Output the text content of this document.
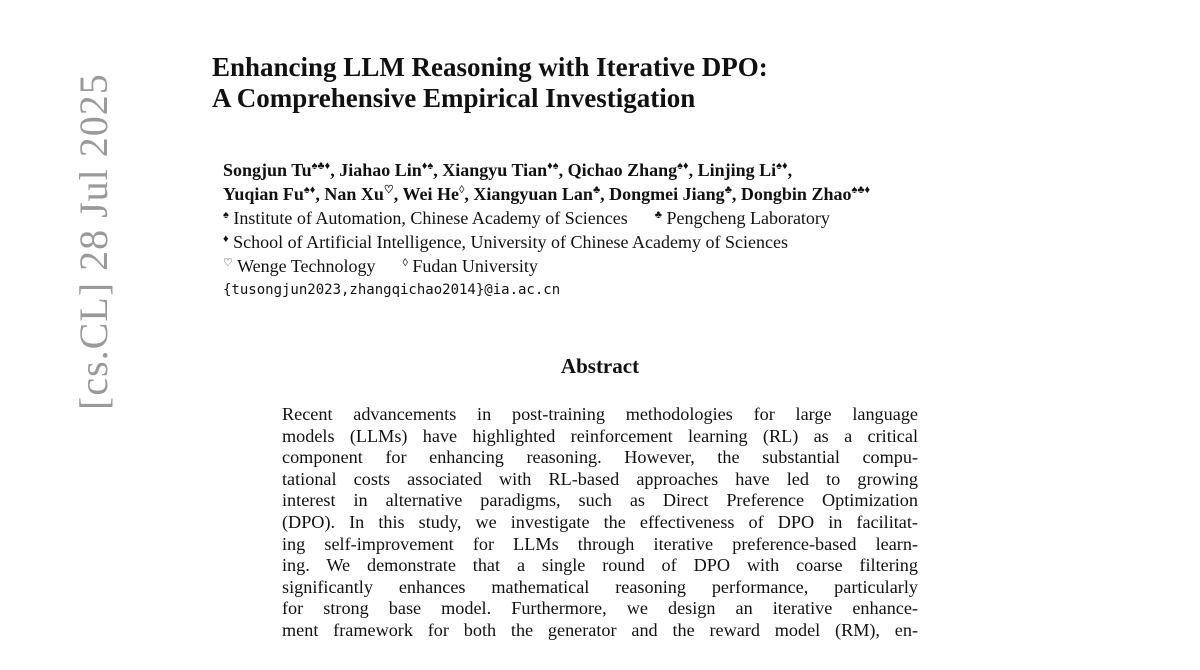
[cs.CL] 28 Jul 2025
Enhancing LLM Reasoning with Iterative DPO:
A Comprehensive Empirical Investigation
Songjun Tu♠♣♦, Jiahao Lin♦♠, Xiangyu Tian♦♠, Qichao Zhang♠♦, Linjing Li♠♦,
Yuqian Fu♠♦, Nan Xu♡, Wei He◊, Xiangyuan Lan♣, Dongmei Jiang♣, Dongbin Zhao♠♣♦
♠ Institute of Automation, Chinese Academy of Sciences ♣ Pengcheng Laboratory
♦ School of Artificial Intelligence, University of Chinese Academy of Sciences
♡ Wenge Technology ◊ Fudan University
{tusongjun2023,zhangqichao2014}@ia.ac.cn
Abstract
Recent advancements in post-training methodologies for large language
models (LLMs) have highlighted reinforcement learning (RL) as a critical
component for enhancing reasoning. However, the substantial compu-
tational costs associated with RL-based approaches have led to growing
interest in alternative paradigms, such as Direct Preference Optimization
(DPO). In this study, we investigate the effectiveness of DPO in facilitat-
ing self-improvement for LLMs through iterative preference-based learn-
ing. We demonstrate that a single round of DPO with coarse filtering
significantly enhances mathematical reasoning performance, particularly
for strong base model. Furthermore, we design an iterative enhance-
ment framework for both the generator and the reward model (RM), en-
